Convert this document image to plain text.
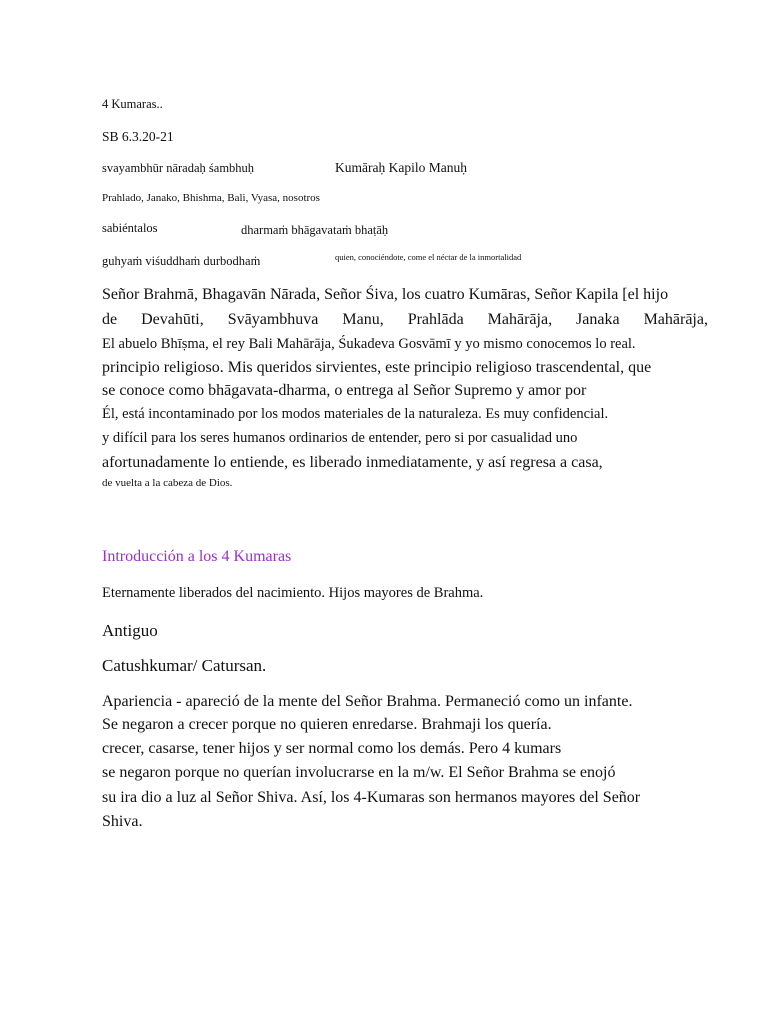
4 Kumaras..
SB 6.3.20-21
svayambhūr nāradaḥ śambhuḥ	Kumāraḥ Kapilo Manuḥ
Prahlado, Janako, Bhishma, Bali, Vyasa, nosotros
sabiéntalos	dharmaṁ bhāgavataṁ bhaṭāḥ
guhyaṁ viśuddhaṁ durbodhaṁ	quien, conociéndote, come el néctar de la inmortalidad
Señor Brahmā, Bhagavān Nārada, Señor Śiva, los cuatro Kumāras, Señor Kapila [el hijo
de Devahūti, Svāyambhuva Manu, Prahlāda Mahārāja, Janaka Mahārāja,
El abuelo Bhīṣma, el rey Bali Mahārāja, Śukadeva Gosvāmī y yo mismo conocemos lo real.
principio religioso. Mis queridos sirvientes, este principio religioso trascendental, que
se conoce como bhāgavata-dharma, o entrega al Señor Supremo y amor por
Él, está incontaminado por los modos materiales de la naturaleza. Es muy confidencial.
y difícil para los seres humanos ordinarios de entender, pero si por casualidad uno
afortunadamente lo entiende, es liberado inmediatamente, y así regresa a casa,
de vuelta a la cabeza de Dios.
Introducción a los 4 Kumaras
Eternamente liberados del nacimiento. Hijos mayores de Brahma.
Antiguo
Catushkumar/ Catursan.
Apariencia - apareció de la mente del Señor Brahma. Permaneció como un infante.
Se negaron a crecer porque no quieren enredarse. Brahmaji los quería.
crecer, casarse, tener hijos y ser normal como los demás. Pero 4 kumars
se negaron porque no querían involucrarse en la m/w. El Señor Brahma se enojó
su ira dio a luz al Señor Shiva. Así, los 4-Kumaras son hermanos mayores del Señor
Shiva.
